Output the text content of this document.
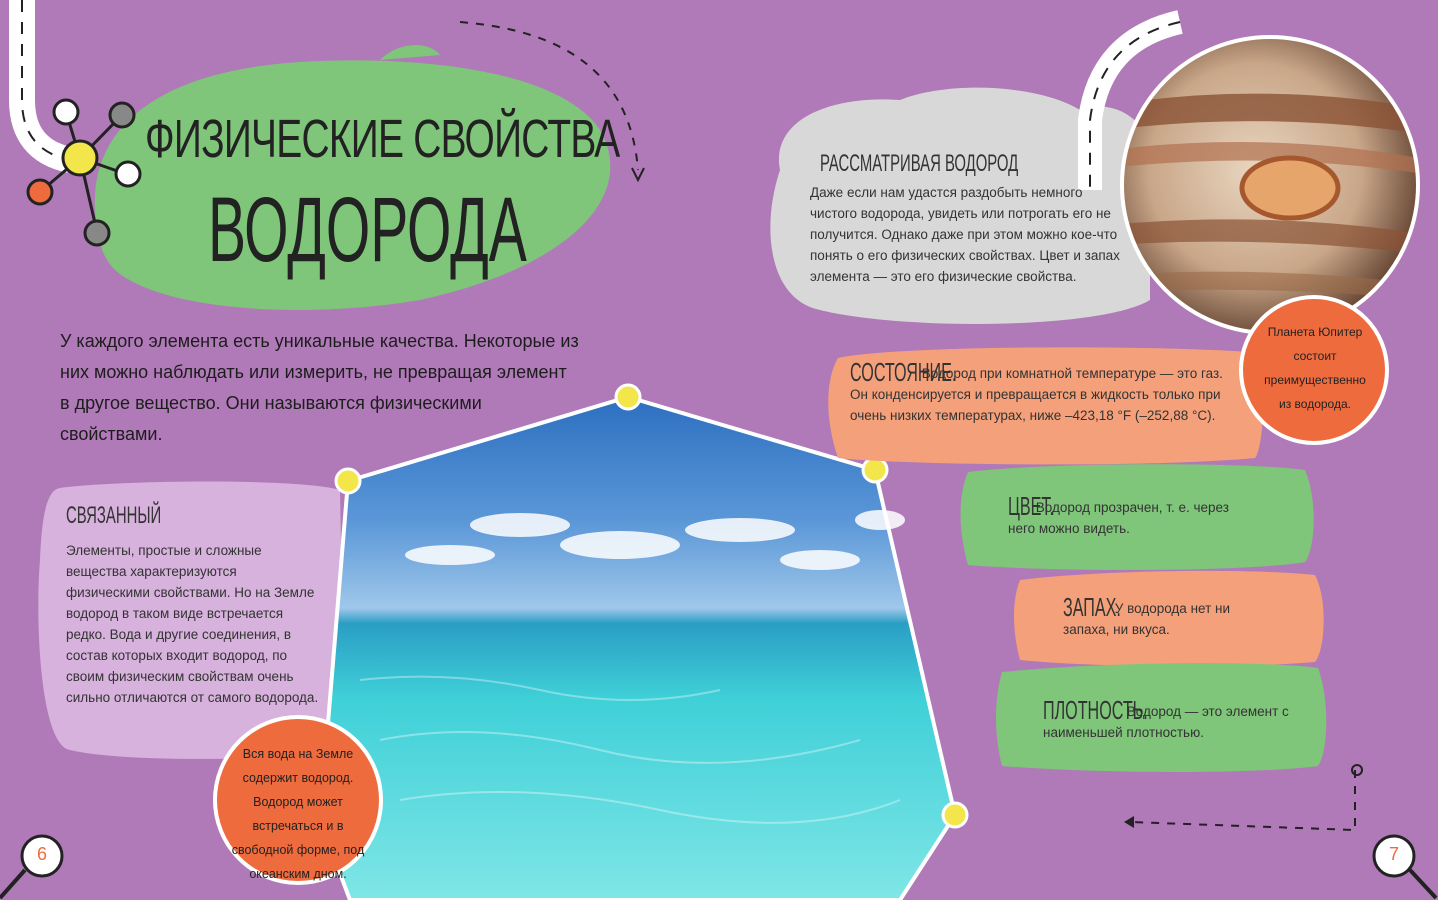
ФИЗИЧЕСКИЕ СВОЙСТВА
ВОДОРОДА
У каждого элемента есть уникальные качества. Некоторые из них можно наблюдать или измерить, не превращая элемент в другое вещество. Они называются физическими свойствами.
СВЯЗАННЫЙ
Элементы, простые и сложные вещества характеризуются физическими свойствами. Но на Земле водород в таком виде встречается редко. Вода и другие соединения, в состав которых входит водород, по своим физическим свойствам очень сильно отличаются от самого водорода.
Вся вода на Земле содержит водород. Водород может встречаться и в свободной форме, под океанским дном.
РАССМАТРИВАЯ ВОДОРОД
Даже если нам удастся раздобыть немного чистого водорода, увидеть или потрогать его не получится. Однако даже при этом можно кое-что понять о его физических свойствах. Цвет и запах элемента — это его физические свойства.
Планета Юпитер состоит преимущественно из водорода.
СОСТОЯНИЕ. Водород при комнатной температуре — это газ. Он конденсируется и превращается в жидкость только при очень низких температурах, ниже –423,18 °F (–252,88 °C).
ЦВЕТ. Водород прозрачен, т. е. через него можно видеть.
ЗАПАХ. У водорода нет ни запаха, ни вкуса.
ПЛОТНОСТЬ. Водород — это элемент с наименьшей плотностью.
6	7
